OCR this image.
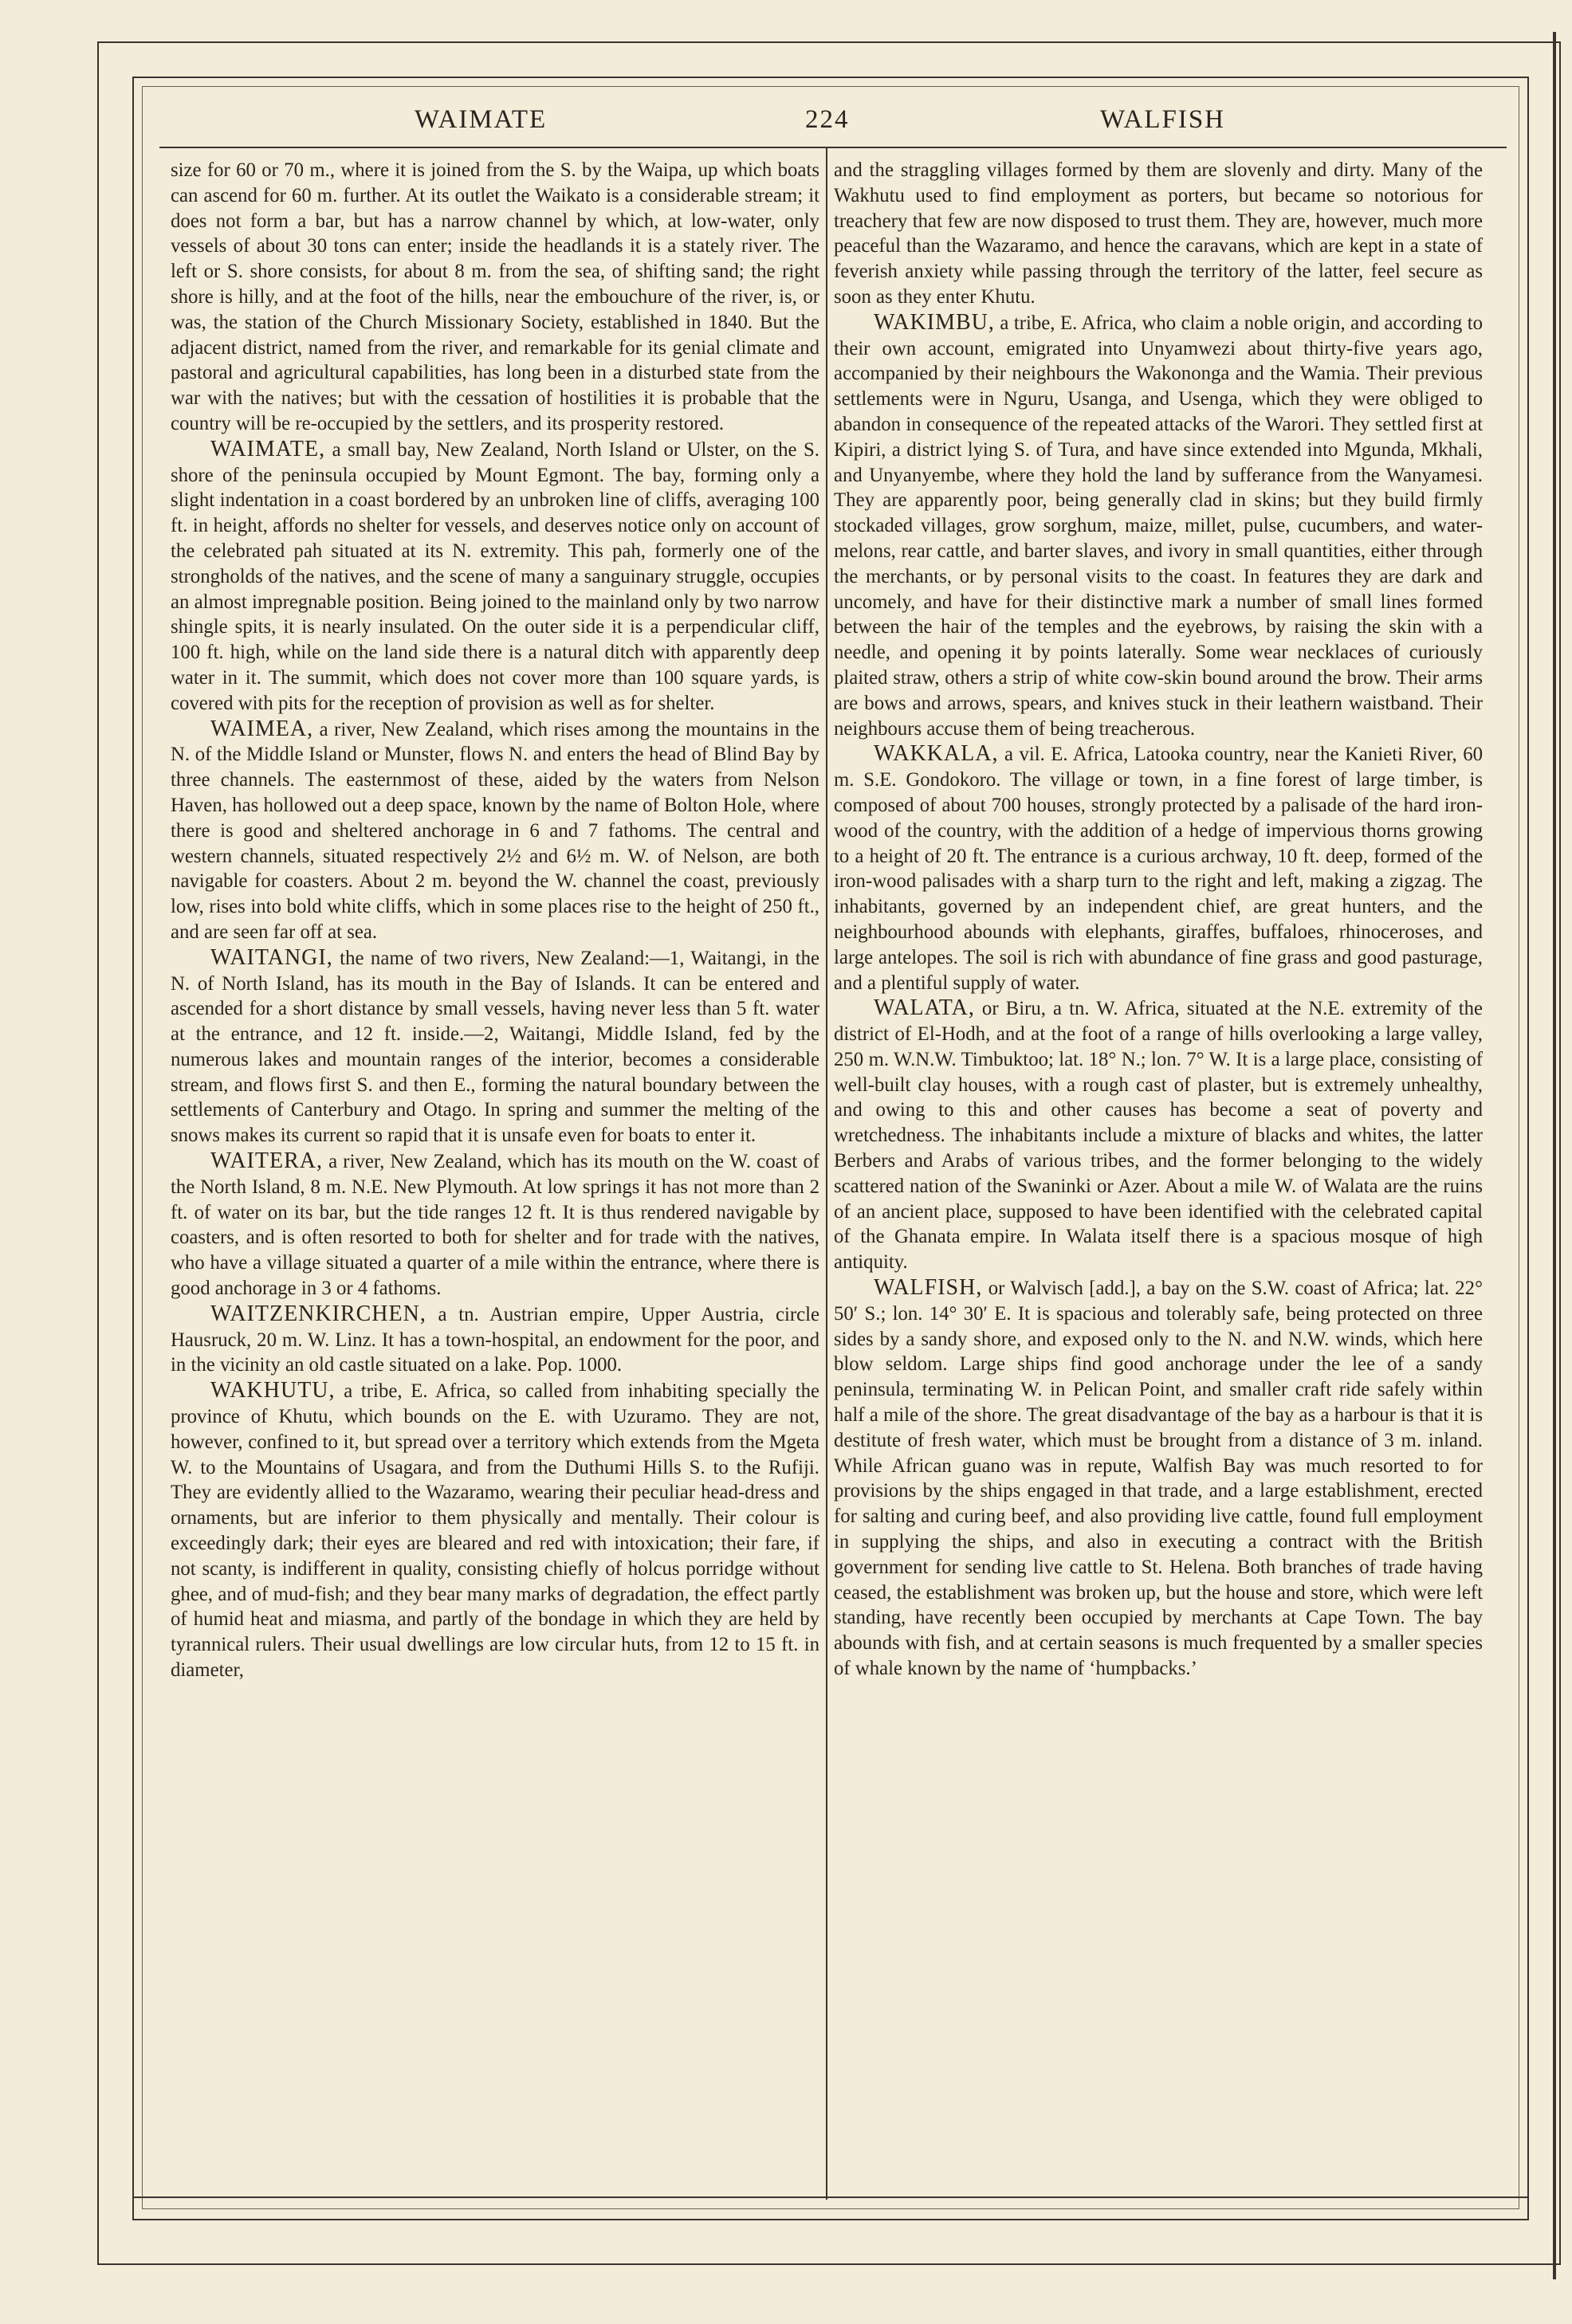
WAIMATE	224	WALFISH

size for 60 or 70 m., where it is joined from the S. by the Waipa, up which boats can ascend for 60 m. further. At its outlet the Waikato is a considerable stream; it does not form a bar, but has a narrow channel by which, at low-water, only vessels of about 30 tons can enter; inside the headlands it is a stately river. The left or S. shore consists, for about 8 m. from the sea, of shifting sand; the right shore is hilly, and at the foot of the hills, near the embouchure of the river, is, or was, the station of the Church Missionary Society, established in 1840. But the adjacent district, named from the river, and remarkable for its genial climate and pastoral and agricultural capabilities, has long been in a disturbed state from the war with the natives; but with the cessation of hostilities it is probable that the country will be re-occupied by the settlers, and its prosperity restored.

WAIMATE, a small bay, New Zealand, North Island or Ulster, on the S. shore of the peninsula occupied by Mount Egmont. The bay, forming only a slight indentation in a coast bordered by an unbroken line of cliffs, averaging 100 ft. in height, affords no shelter for vessels, and deserves notice only on account of the celebrated pah situated at its N. extremity. This pah, formerly one of the strongholds of the natives, and the scene of many a sanguinary struggle, occupies an almost impregnable position. Being joined to the mainland only by two narrow shingle spits, it is nearly insulated. On the outer side it is a perpendicular cliff, 100 ft. high, while on the land side there is a natural ditch with apparently deep water in it. The summit, which does not cover more than 100 square yards, is covered with pits for the reception of provision as well as for shelter.

WAIMEA, a river, New Zealand, which rises among the mountains in the N. of the Middle Island or Munster, flows N. and enters the head of Blind Bay by three channels. The easternmost of these, aided by the waters from Nelson Haven, has hollowed out a deep space, known by the name of Bolton Hole, where there is good and sheltered anchorage in 6 and 7 fathoms. The central and western channels, situated respectively 2½ and 6½ m. W. of Nelson, are both navigable for coasters. About 2 m. beyond the W. channel the coast, previously low, rises into bold white cliffs, which in some places rise to the height of 250 ft., and are seen far off at sea.

WAITANGI, the name of two rivers, New Zealand:—1, Waitangi, in the N. of North Island, has its mouth in the Bay of Islands. It can be entered and ascended for a short distance by small vessels, having never less than 5 ft. water at the entrance, and 12 ft. inside.—2, Waitangi, Middle Island, fed by the numerous lakes and mountain ranges of the interior, becomes a considerable stream, and flows first S. and then E., forming the natural boundary between the settlements of Canterbury and Otago. In spring and summer the melting of the snows makes its current so rapid that it is unsafe even for boats to enter it.

WAITERA, a river, New Zealand, which has its mouth on the W. coast of the North Island, 8 m. N.E. New Plymouth. At low springs it has not more than 2 ft. of water on its bar, but the tide ranges 12 ft. It is thus rendered navigable by coasters, and is often resorted to both for shelter and for trade with the natives, who have a village situated a quarter of a mile within the entrance, where there is good anchorage in 3 or 4 fathoms.

WAITZENKIRCHEN, a tn. Austrian empire, Upper Austria, circle Hausruck, 20 m. W. Linz. It has a town-hospital, an endowment for the poor, and in the vicinity an old castle situated on a lake. Pop. 1000.

WAKHUTU, a tribe, E. Africa, so called from inhabiting specially the province of Khutu, which bounds on the E. with Uzuramo. They are not, however, confined to it, but spread over a territory which extends from the Mgeta W. to the Mountains of Usagara, and from the Duthumi Hills S. to the Rufiji. They are evidently allied to the Wazaramo, wearing their peculiar head-dress and ornaments, but are inferior to them physically and mentally. Their colour is exceedingly dark; their eyes are bleared and red with intoxication; their fare, if not scanty, is indifferent in quality, consisting chiefly of holcus porridge without ghee, and of mud-fish; and they bear many marks of degradation, the effect partly of humid heat and miasma, and partly of the bondage in which they are held by tyrannical rulers. Their usual dwellings are low circular huts, from 12 to 15 ft. in diameter,

and the straggling villages formed by them are slovenly and dirty. Many of the Wakhutu used to find employment as porters, but became so notorious for treachery that few are now disposed to trust them. They are, however, much more peaceful than the Wazaramo, and hence the caravans, which are kept in a state of feverish anxiety while passing through the territory of the latter, feel secure as soon as they enter Khutu.

WAKIMBU, a tribe, E. Africa, who claim a noble origin, and according to their own account, emigrated into Unyamwezi about thirty-five years ago, accompanied by their neighbours the Wakononga and the Wamia. Their previous settlements were in Nguru, Usanga, and Usenga, which they were obliged to abandon in consequence of the repeated attacks of the Warori. They settled first at Kipiri, a district lying S. of Tura, and have since extended into Mgunda, Mkhali, and Unyanyembe, where they hold the land by sufferance from the Wanyamesi. They are apparently poor, being generally clad in skins; but they build firmly stockaded villages, grow sorghum, maize, millet, pulse, cucumbers, and water-melons, rear cattle, and barter slaves, and ivory in small quantities, either through the merchants, or by personal visits to the coast. In features they are dark and uncomely, and have for their distinctive mark a number of small lines formed between the hair of the temples and the eyebrows, by raising the skin with a needle, and opening it by points laterally. Some wear necklaces of curiously plaited straw, others a strip of white cow-skin bound around the brow. Their arms are bows and arrows, spears, and knives stuck in their leathern waistband. Their neighbours accuse them of being treacherous.

WAKKALA, a vil. E. Africa, Latooka country, near the Kanieti River, 60 m. S.E. Gondokoro. The village or town, in a fine forest of large timber, is composed of about 700 houses, strongly protected by a palisade of the hard iron-wood of the country, with the addition of a hedge of impervious thorns growing to a height of 20 ft. The entrance is a curious archway, 10 ft. deep, formed of the iron-wood palisades with a sharp turn to the right and left, making a zigzag. The inhabitants, governed by an independent chief, are great hunters, and the neighbourhood abounds with elephants, giraffes, buffaloes, rhinoceroses, and large antelopes. The soil is rich with abundance of fine grass and good pasturage, and a plentiful supply of water.

WALATA, or Biru, a tn. W. Africa, situated at the N.E. extremity of the district of El-Hodh, and at the foot of a range of hills overlooking a large valley, 250 m. W.N.W. Timbuktoo; lat. 18° N.; lon. 7° W. It is a large place, consisting of well-built clay houses, with a rough cast of plaster, but is extremely unhealthy, and owing to this and other causes has become a seat of poverty and wretchedness. The inhabitants include a mixture of blacks and whites, the latter Berbers and Arabs of various tribes, and the former belonging to the widely scattered nation of the Swaninki or Azer. About a mile W. of Walata are the ruins of an ancient place, supposed to have been identified with the celebrated capital of the Ghanata empire. In Walata itself there is a spacious mosque of high antiquity.

WALFISH, or Walvisch [add.], a bay on the S.W. coast of Africa; lat. 22° 50′ S.; lon. 14° 30′ E. It is spacious and tolerably safe, being protected on three sides by a sandy shore, and exposed only to the N. and N.W. winds, which here blow seldom. Large ships find good anchorage under the lee of a sandy peninsula, terminating W. in Pelican Point, and smaller craft ride safely within half a mile of the shore. The great disadvantage of the bay as a harbour is that it is destitute of fresh water, which must be brought from a distance of 3 m. inland. While African guano was in repute, Walfish Bay was much resorted to for provisions by the ships engaged in that trade, and a large establishment, erected for salting and curing beef, and also providing live cattle, found full employment in supplying the ships, and also in executing a contract with the British government for sending live cattle to St. Helena. Both branches of trade having ceased, the establishment was broken up, but the house and store, which were left standing, have recently been occupied by merchants at Cape Town. The bay abounds with fish, and at certain seasons is much frequented by a smaller species of whale known by the name of ‘humpbacks.’
